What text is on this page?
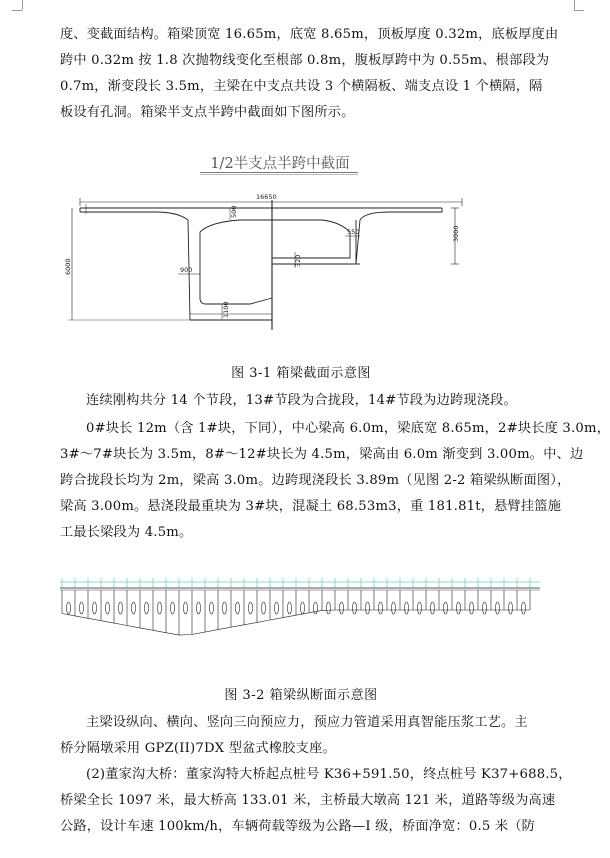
度、变截面结构。箱梁顶宽 16.65m，底宽 8.65m，顶板厚度 0.32m，底板厚度由
跨中 0.32m 按 1.8 次抛物线变化至根部 0.8m，腹板厚跨中为 0.55m、根部段为
0.7m，渐变段长 3.5m，主梁在中支点共设 3 个横隔板、端支点设 1 个横隔，隔
板设有孔洞。箱梁半支点半跨中截面如下图所示。
1/2半支点半跨中截面
16650
6000
3000
900
550
500
320
1100
图 3-1 箱梁截面示意图
连续刚构共分 14 个节段，13#节段为合拢段，14#节段为边跨现浇段。
0#块长 12m（含 1#块，下同），中心梁高 6.0m，梁底宽 8.65m，2#块长度 3.0m，
3#～7#块长为 3.5m，8#～12#块长为 4.5m，梁高由 6.0m 渐变到 3.00m。中、边
跨合拢段长均为 2m，梁高 3.0m。边跨现浇段长 3.89m（见图 2-2 箱梁纵断面图），
梁高 3.00m。悬浇段最重块为 3#块，混凝土 68.53m3，重 181.81t，悬臂挂篮施
工最长梁段为 4.5m。
图 3-2 箱梁纵断面示意图
主梁设纵向、横向、竖向三向预应力，预应力管道采用真智能压浆工艺。主
桥分隔墩采用 GPZ(II)7DX 型盆式橡胶支座。
(2)董家沟大桥：董家沟特大桥起点桩号 K36+591.50，终点桩号 K37+688.5，
桥梁全长 1097 米，最大桥高 133.01 米，主桥最大墩高 121 米，道路等级为高速
公路，设计车速 100km/h，车辆荷载等级为公路—I 级，桥面净宽：0.5 米（防
